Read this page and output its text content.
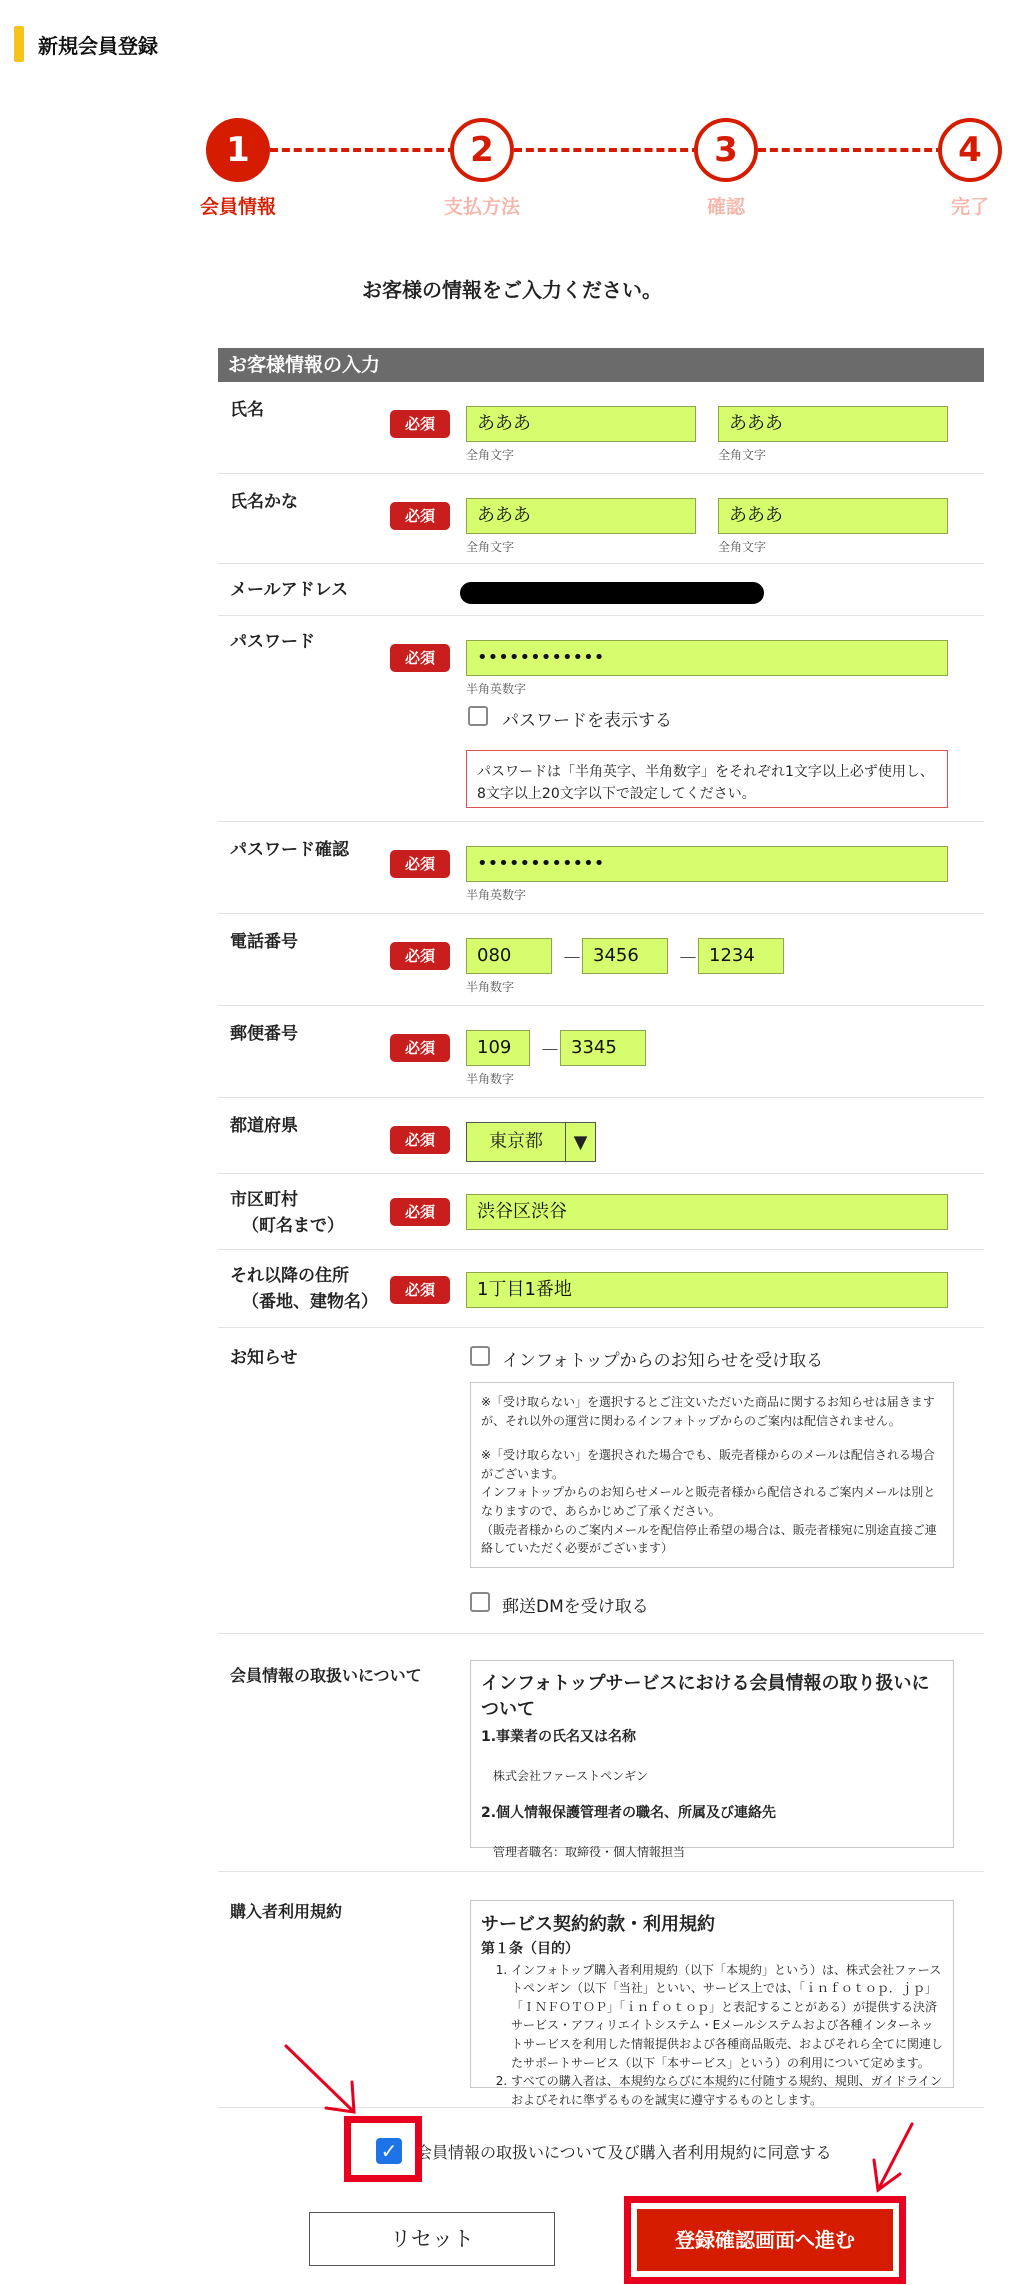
新規会員登録
1	2	3	4
会員情報	支払方法	確認	完了
お客様の情報をご入力ください。
お客様情報の入力
氏名
必須	あああ	あああ
全角文字	全角文字
氏名かな
必須	あああ	あああ
全角文字	全角文字
メールアドレス
パスワード
必須	••••••••••••
半角英数字
パスワードを表示する
パスワードは「半角英字、半角数字」をそれぞれ1文字以上必ず使用し、8文字以上20文字以下で設定してください。
パスワード確認
必須	••••••••••••
半角英数字
電話番号
必須	080	－ 3456	－ 1234
半角数字
郵便番号
必須	109	－ 3345
半角数字
都道府県
必須	東京都	▼
市区町村
（町名まで）
必須	渋谷区渋谷
それ以降の住所
（番地、建物名）
必須	1丁目1番地
お知らせ	インフォトップからのお知らせを受け取る
※「受け取らない」を選択するとご注文いただいた商品に関するお知らせは届きますが、それ以外の運営に関わるインフォトップからのご案内は配信されません。
※「受け取らない」を選択された場合でも、販売者様からのメールは配信される場合がございます。
インフォトップからのお知らせメールと販売者様から配信されるご案内メールは別となりますので、あらかじめご了承ください。
（販売者様からのご案内メールを配信停止希望の場合は、販売者様宛に別途直接ご連絡していただく必要がございます）
郵送DMを受け取る
会員情報の取扱いについて	インフォトップサービスにおける会員情報の取り扱いについて
1.事業者の氏名又は名称
株式会社ファーストペンギン
2.個人情報保護管理者の職名、所属及び連絡先
管理者職名：取締役・個人情報担当
購入者利用規約
サービス契約約款・利用規約
第１条（目的）
1. インフォトップ購入者利用規約（以下「本規約」という）は、株式会社ファーストペンギン（以下「当社」といい、サービス上では、「ｉｎｆｏｔｏｐ．ｊｐ」「ＩＮＦＯＴＯＰ」「ｉｎｆｏｔｏｐ」と表記することがある）が提供する決済サービス・アフィリエイトシステム・Eメールシステムおよび各種インターネットサービスを利用した情報提供および各種商品販売、およびそれら全てに関連したサポートサービス（以下「本サービス」という）の利用について定めます。
2. すべての購入者は、本規約ならびに本規約に付随する規約、規則、ガイドラインおよびそれに準ずるものを誠実に遵守するものとします。
✓ 会員情報の取扱いについて及び購入者利用規約に同意する
リセット	登録確認画面へ進む
